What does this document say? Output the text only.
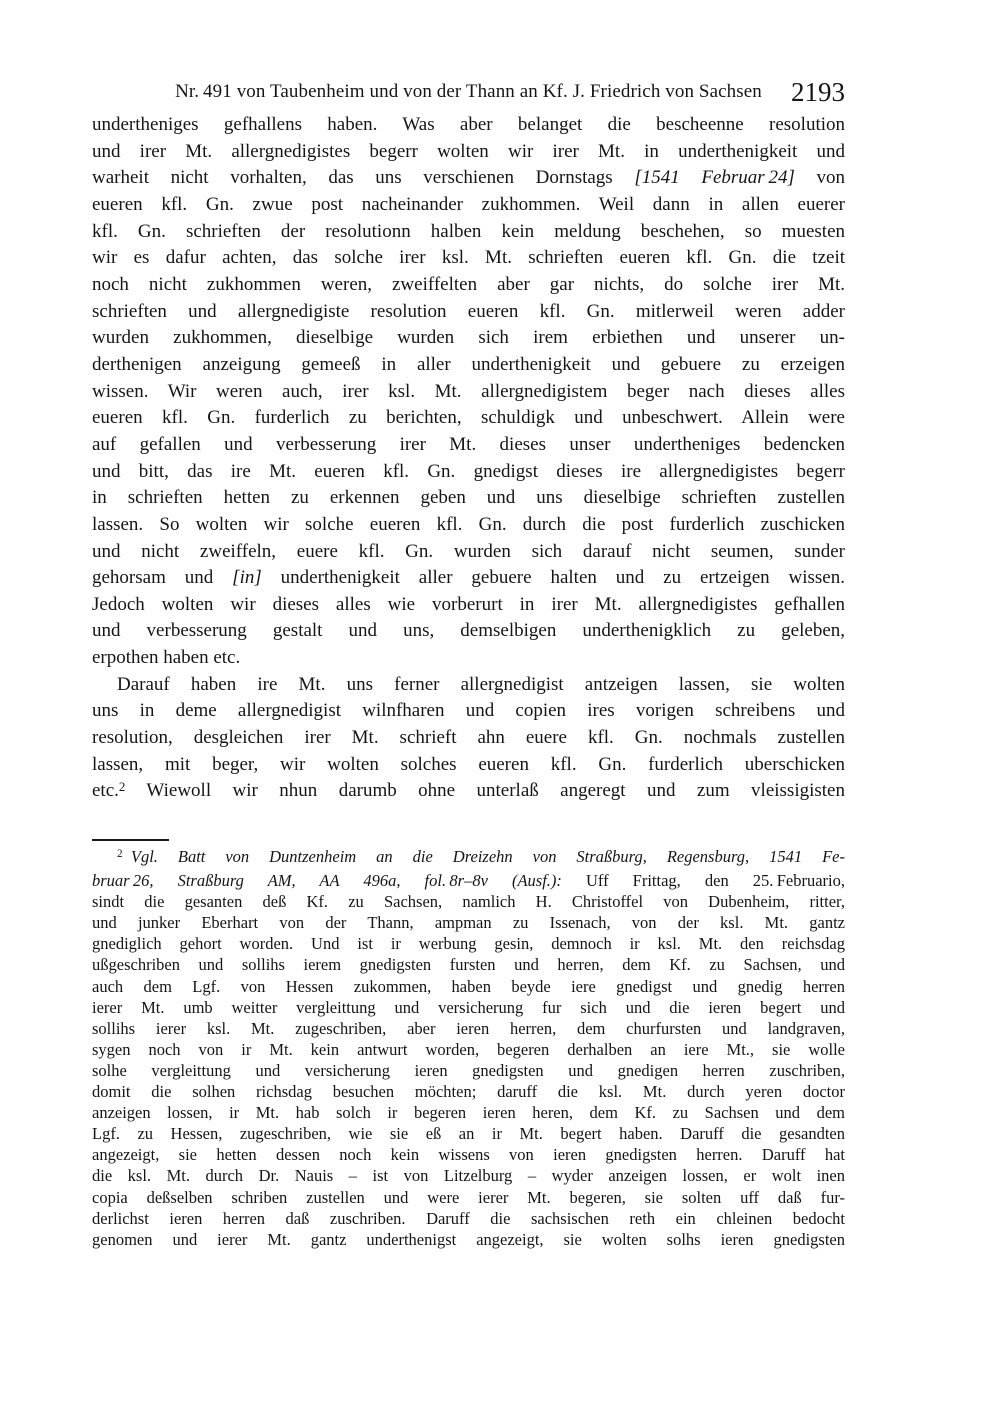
Nr. 491 von Taubenheim und von der Thann an Kf. J. Friedrich von Sachsen	2193
undertheniges gefhallens haben. Was aber belanget die bescheenne resolution
und irer Mt. allergnedigistes begerr wolten wir irer Mt. in underthenigkeit und
warheit nicht vorhalten, das uns verschienen Dornstags [1541 Februar 24] von
eueren kfl. Gn. zwue post nacheinander zukhommen. Weil dann in allen euerer
kfl. Gn. schrieften der resolutionn halben kein meldung beschehen, so muesten
wir es dafur achten, das solche irer ksl. Mt. schrieften eueren kfl. Gn. die tzeit
noch nicht zukhommen weren, zweiffelten aber gar nichts, do solche irer Mt.
schrieften und allergnedigiste resolution eueren kfl. Gn. mitlerweil weren adder
wurden zukhommen, dieselbige wurden sich irem erbiethen und unserer un-
derthenigen anzeigung gemeeß in aller underthenigkeit und gebuere zu erzeigen
wissen. Wir weren auch, irer ksl. Mt. allergnedigistem beger nach dieses alles
eueren kfl. Gn. furderlich zu berichten, schuldigk und unbeschwert. Allein were
auf gefallen und verbesserung irer Mt. dieses unser undertheniges bedencken
und bitt, das ire Mt. eueren kfl. Gn. gnedigst dieses ire allergnedigistes begerr
in schrieften hetten zu erkennen geben und uns dieselbige schrieften zustellen
lassen. So wolten wir solche eueren kfl. Gn. durch die post furderlich zuschicken
und nicht zweiffeln, euere kfl. Gn. wurden sich darauf nicht seumen, sunder
gehorsam und [in] underthenigkeit aller gebuere halten und zu ertzeigen wissen.
Jedoch wolten wir dieses alles wie vorberurt in irer Mt. allergnedigistes gefhallen
und verbesserung gestalt und uns, demselbigen underthenigklich zu geleben,
erpothen haben etc.
Darauf haben ire Mt. uns ferner allergnedigist antzeigen lassen, sie wolten
uns in deme allergnedigist wilnfharen und copien ires vorigen schreibens und
resolution, desgleichen irer Mt. schrieft ahn euere kfl. Gn. nochmals zustellen
lassen, mit beger, wir wolten solches eueren kfl. Gn. furderlich uberschicken
etc.$^2$ Wiewoll wir nhun darumb ohne unterlaß angeregt und zum vleissigisten
$^2$  Vgl. Batt von Duntzenheim an die Dreizehn von Straßburg, Regensburg, 1541 Fe-
bruar 26, Straßburg AM, AA 496a, fol. 8r–8v (Ausf.): Uff Frittag, den 25. Februario,
sindt die gesanten deß Kf. zu Sachsen, namlich H. Christoffel von Dubenheim, ritter,
und junker Eberhart von der Thann, ampman zu Issenach, von der ksl. Mt. gantz
gnediglich gehort worden. Und ist ir werbung gesin, demnoch ir ksl. Mt. den reichsdag
ußgeschriben und sollihs ierem gnedigsten fursten und herren, dem Kf. zu Sachsen, und
auch dem Lgf. von Hessen zukommen, haben beyde iere gnedigst und gnedig herren
ierer Mt. umb weitter vergleittung und versicherung fur sich und die ieren begert und
sollihs ierer ksl. Mt. zugeschriben, aber ieren herren, dem churfursten und landgraven,
sygen noch von ir Mt. kein antwurt worden, begeren derhalben an iere Mt., sie wolle
solhe vergleittung und versicherung ieren gnedigsten und gnedigen herren zuschriben,
domit die solhen richsdag besuchen möchten; daruff die ksl. Mt. durch yeren doctor
anzeigen lossen, ir Mt. hab solch ir begeren ieren heren, dem Kf. zu Sachsen und dem
Lgf. zu Hessen, zugeschriben, wie sie eß an ir Mt. begert haben. Daruff die gesandten
angezeigt, sie hetten dessen noch kein wissens von ieren gnedigsten herren. Daruff hat
die ksl. Mt. durch Dr. Nauis – ist von Litzelburg – wyder anzeigen lossen, er wolt inen
copia deßselben schriben zustellen und were ierer Mt. begeren, sie solten uff daß fur-
derlichst ieren herren daß zuschriben. Daruff die sachsischen reth ein chleinen bedocht
genomen und ierer Mt. gantz underthenigst angezeigt, sie wolten solhs ieren gnedigsten
